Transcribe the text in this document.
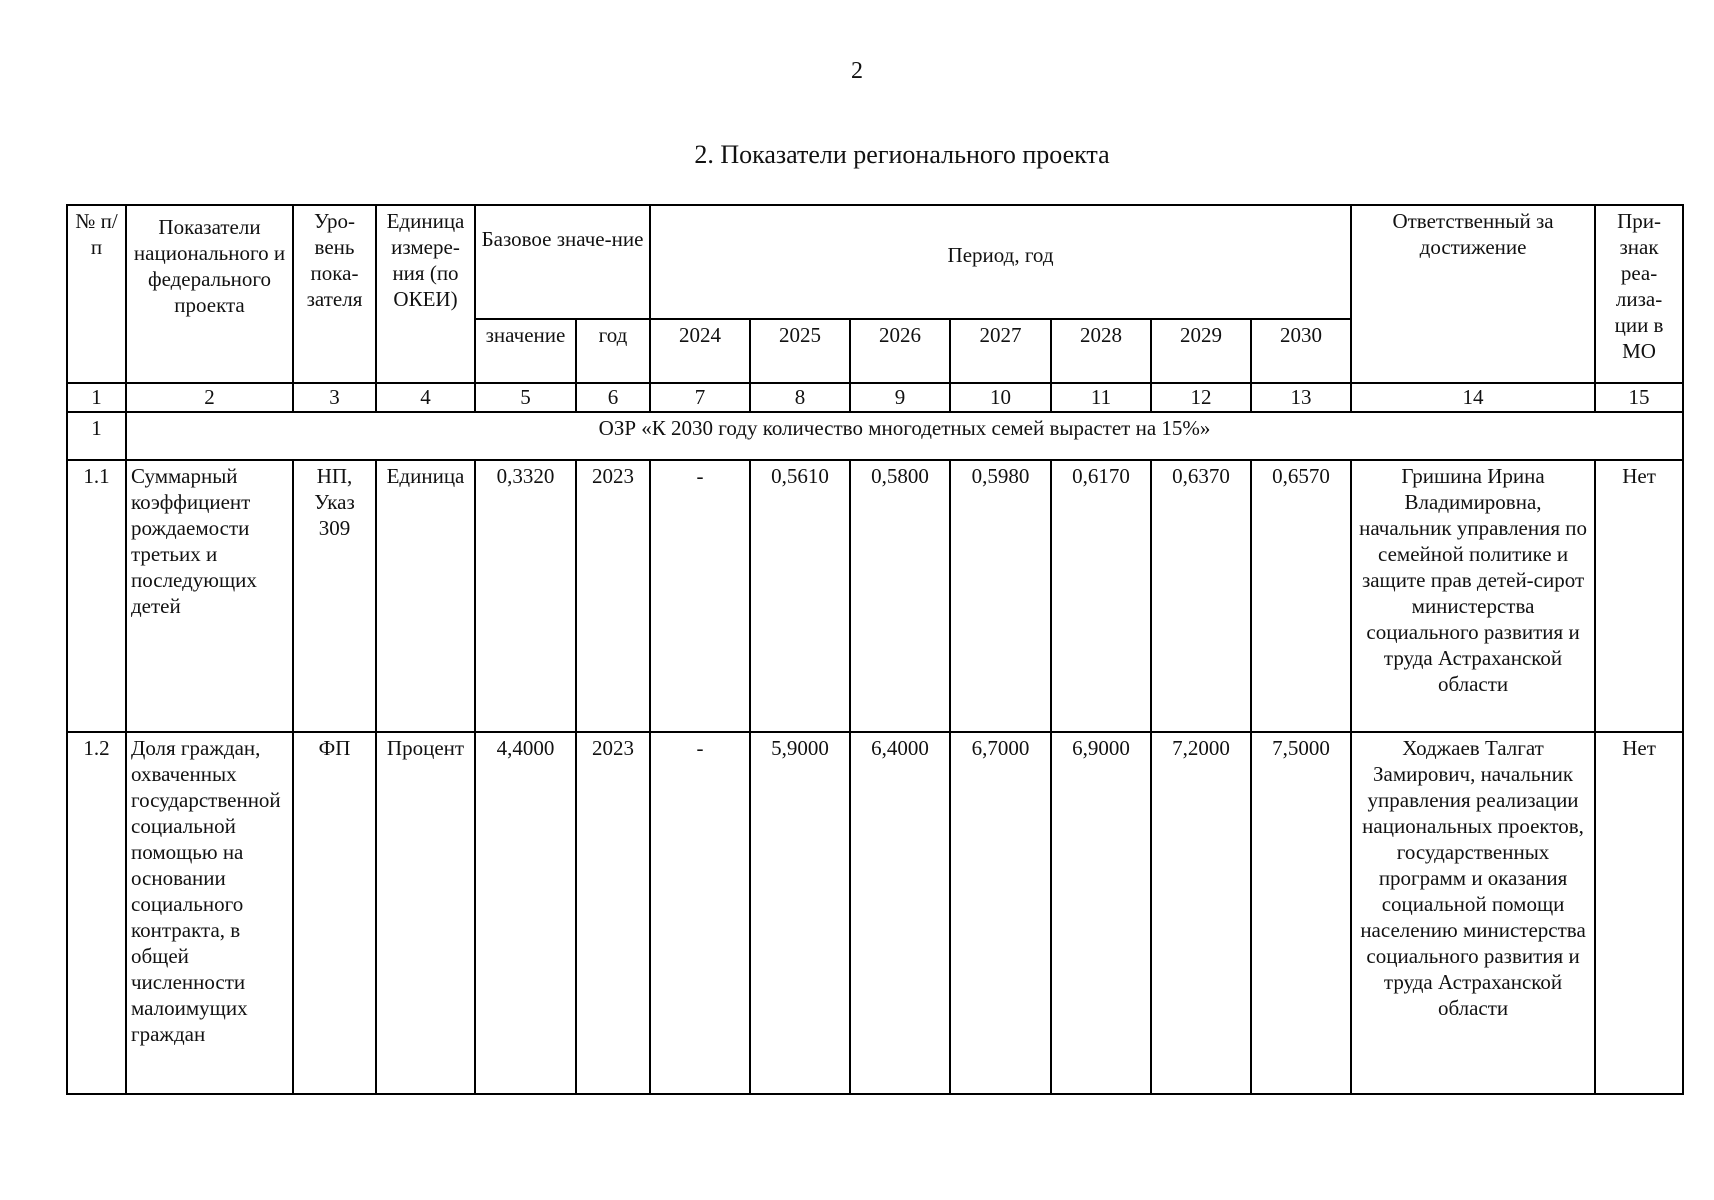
2
2. Показатели регионального проекта
№ п/п	Показатели национального и федерального проекта	Уро-вень пока-зателя	Единица измере-ния (по ОКЕИ)	Базовое значе-ние		Период, год							Ответственный за достижение	При-знак реа-лиза-ции в МО
				значение	год	2024	2025	2026	2027	2028	2029	2030		
1	2	3	4	5	6	7	8	9	10	11	12	13	14	15
1	ОЗР «К 2030 году количество многодетных семей вырастет на 15%»													
1.1	Суммарный коэффициент рождаемости третьих и последующих детей	НП, Указ 309	Единица	0,3320	2023	-	0,5610	0,5800	0,5980	0,6170	0,6370	0,6570	Гришина Ирина Владимировна, начальник управления по семейной политике и защите прав детей-сирот министерства социального развития и труда Астраханской области	Нет
1.2	Доля граждан, охваченных государственной социальной помощью на основании социального контракта, в общей численности малоимущих граждан	ФП	Процент	4,4000	2023	-	5,9000	6,4000	6,7000	6,9000	7,2000	7,5000	Ходжаев Талгат Замирович, начальник управления реализации национальных проектов, государственных программ и оказания социальной помощи населению министерства социального развития и труда Астраханской области	Нет
